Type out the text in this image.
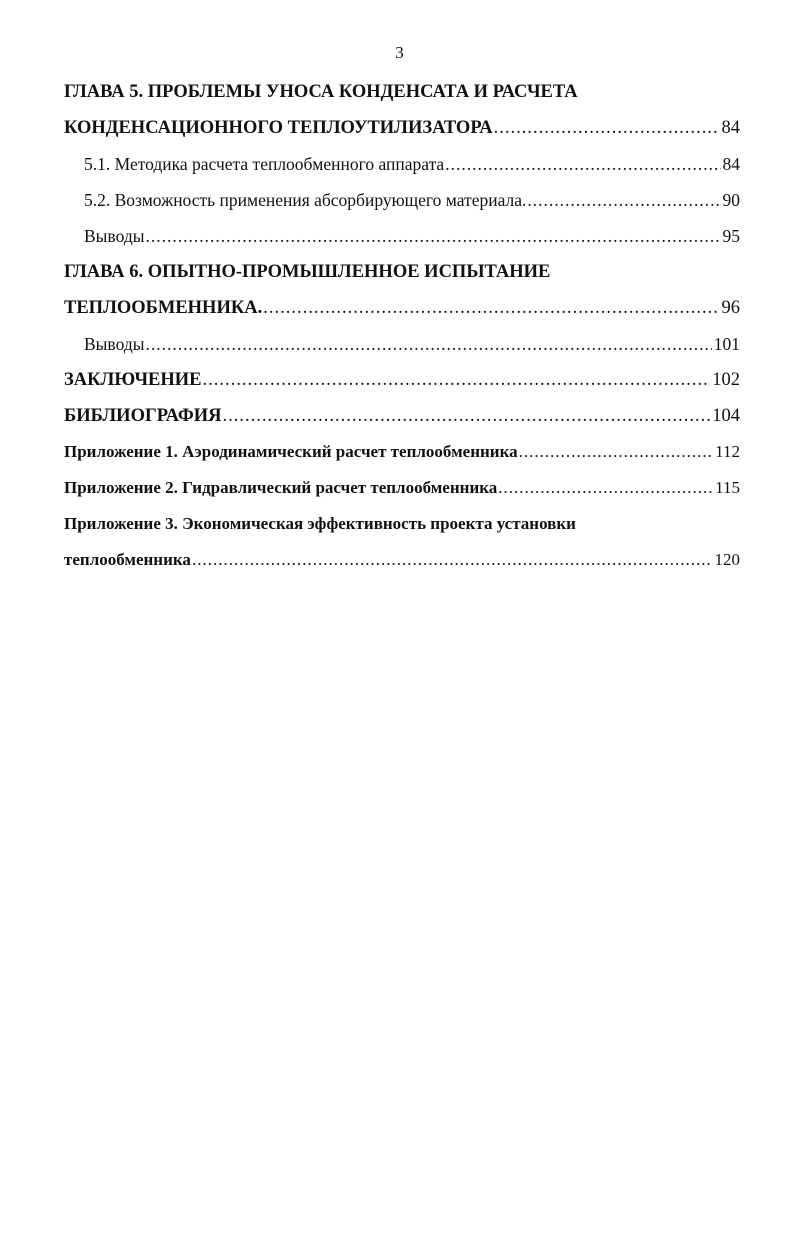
3
ГЛАВА 5. ПРОБЛЕМЫ УНОСА КОНДЕНСАТА И РАСЧЕТА
КОНДЕНСАЦИОННОГО ТЕПЛОУТИЛИЗАТОРА .....	84
5.1. Методика расчета теплообменного аппарата .....	84
5.2. Возможность применения абсорбирующего материала. .....	90
Выводы .....	95
ГЛАВА 6. ОПЫТНО-ПРОМЫШЛЕННОЕ ИСПЫТАНИЕ
ТЕПЛООБМЕННИКА. .....	96
Выводы .....	101
ЗАКЛЮЧЕНИЕ .....	102
БИБЛИОГРАФИЯ .....	104
Приложение 1. Аэродинамический расчет теплообменника .....	112
Приложение 2. Гидравлический расчет теплообменника .....	115
Приложение 3. Экономическая эффективность проекта установки
теплообменника .....	120
